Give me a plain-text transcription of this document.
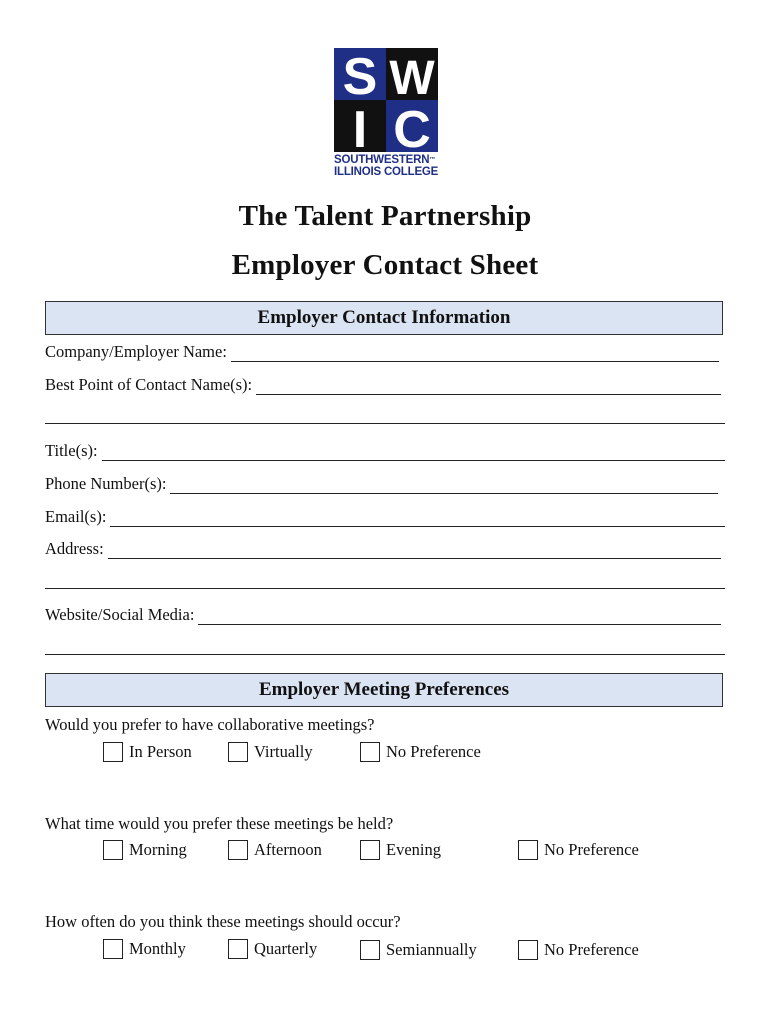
S W
I C
SOUTHWESTERN™
ILLINOIS COLLEGE
The Talent Partnership
Employer Contact Sheet
Employer Contact Information
Company/Employer Name:
Best Point of Contact Name(s):
Title(s):
Phone Number(s):
Email(s):
Address:
Website/Social Media:
Employer Meeting Preferences
Would you prefer to have collaborative meetings?
In Person	Virtually	No Preference
What time would you prefer these meetings be held?
Morning	Afternoon	Evening	No Preference
How often do you think these meetings should occur?
Monthly	Quarterly	Semiannually	No Preference
